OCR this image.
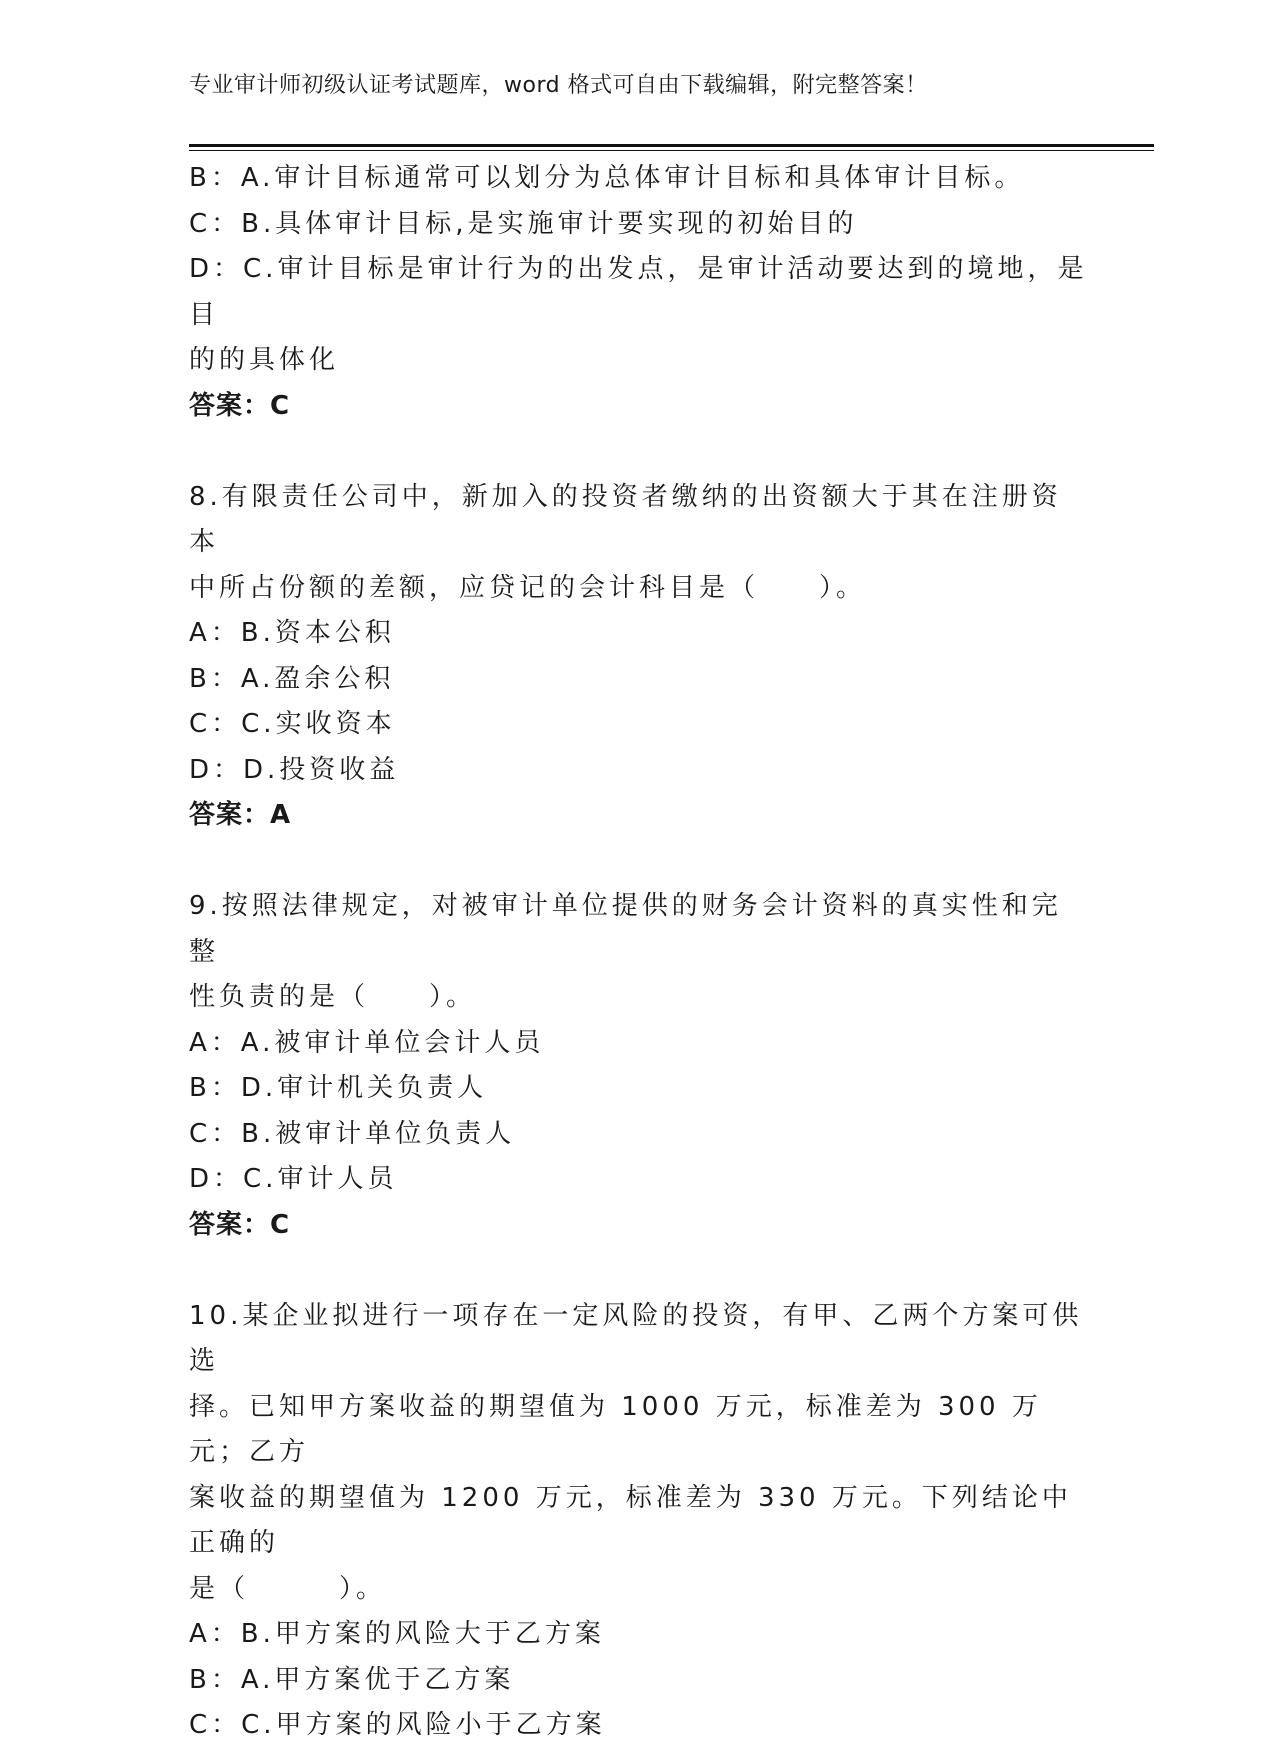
专业审计师初级认证考试题库，word 格式可自由下载编辑，附完整答案！
B：A.审计目标通常可以划分为总体审计目标和具体审计目标。
C：B.具体审计目标,是实施审计要实现的初始目的
D：C.审计目标是审计行为的出发点，是审计活动要达到的境地，是目
的的具体化
答案：C
8.有限责任公司中，新加入的投资者缴纳的出资额大于其在注册资本
中所占份额的差额，应贷记的会计科目是（　　）。
A：B.资本公积
B：A.盈余公积
C：C.实收资本
D：D.投资收益
答案：A
9.按照法律规定，对被审计单位提供的财务会计资料的真实性和完整
性负责的是（　　）。
A：A.被审计单位会计人员
B：D.审计机关负责人
C：B.被审计单位负责人
D：C.审计人员
答案：C
10.某企业拟进行一项存在一定风险的投资，有甲、乙两个方案可供选
择。已知甲方案收益的期望值为 1000 万元，标准差为 300 万元；乙方
案收益的期望值为 1200 万元，标准差为 330 万元。下列结论中正确的
是（　　　）。
A：B.甲方案的风险大于乙方案
B：A.甲方案优于乙方案
C：C.甲方案的风险小于乙方案
